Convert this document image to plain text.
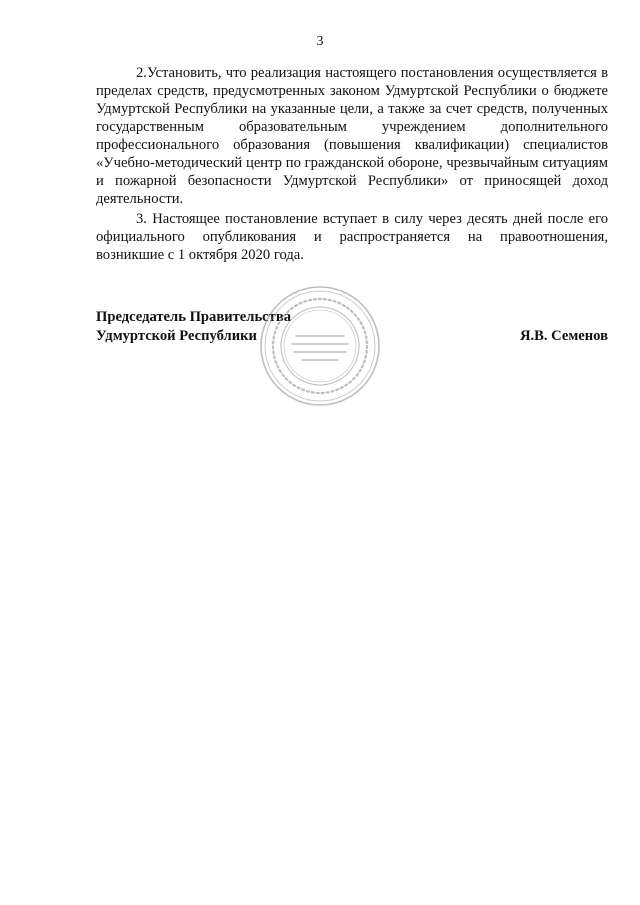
3

2.Установить, что реализация настоящего постановления осуществляется в пределах средств, предусмотренных законом Удмуртской Республики о бюджете Удмуртской Республики на указанные цели, а также за счет средств, полученных государственным образовательным учреждением дополнительного профессионального образования (повышения квалификации) специалистов «Учебно-методический центр по гражданской обороне, чрезвычайным ситуациям и пожарной безопасности Удмуртской Республики» от приносящей доход деятельности.

3. Настоящее постановление вступает в силу через десять дней после его официального опубликования и распространяется на правоотношения, возникшие с 1 октября 2020 года.

Председатель Правительства
Удмуртской Республики	Я.В. Семенов
